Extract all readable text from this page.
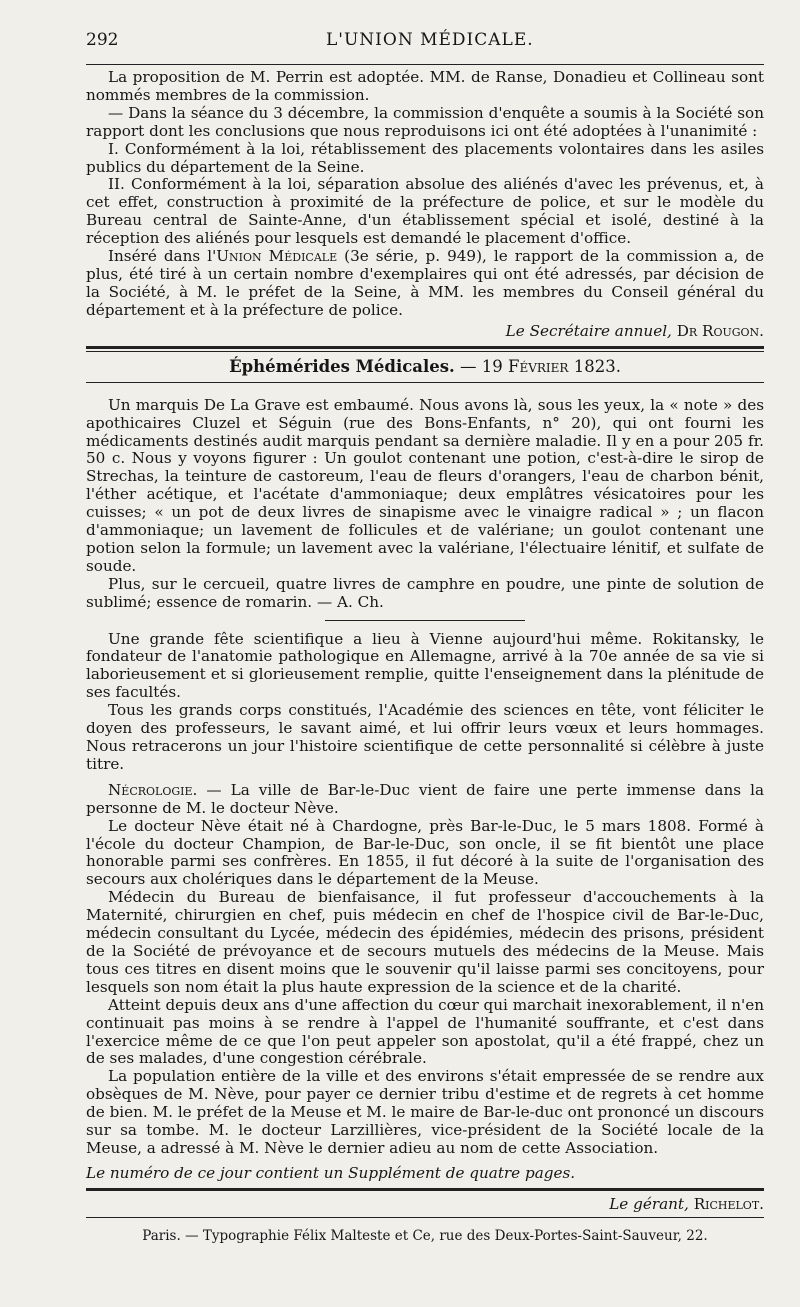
292	L'UNION MÉDICALE.

La proposition de M. Perrin est adoptée. MM. de Ranse, Donadieu et Collineau sont nommés membres de la commission.

— Dans la séance du 3 décembre, la commission d'enquête a soumis à la Société son rapport dont les conclusions que nous reproduisons ici ont été adoptées à l'unanimité :

I. Conformément à la loi, rétablissement des placements volontaires dans les asiles publics du département de la Seine.

II. Conformément à la loi, séparation absolue des aliénés d'avec les prévenus, et, à cet effet, construction à proximité de la préfecture de police, et sur le modèle du Bureau central de Sainte-Anne, d'un établissement spécial et isolé, destiné à la réception des aliénés pour lesquels est demandé le placement d'office.

Inséré dans l'Union Médicale (3e série, p. 949), le rapport de la commission a, de plus, été tiré à un certain nombre d'exemplaires qui ont été adressés, par décision de la Société, à M. le préfet de la Seine, à MM. les membres du Conseil général du département et à la préfecture de police.

Le Secrétaire annuel, Dr Rougon.

Éphémérides Médicales. — 19 Février 1823.

Un marquis De La Grave est embaumé. Nous avons là, sous les yeux, la « note » des apothicaires Cluzel et Séguin (rue des Bons-Enfants, n° 20), qui ont fourni les médicaments destinés audit marquis pendant sa dernière maladie. Il y en a pour 205 fr. 50 c. Nous y voyons figurer : Un goulot contenant une potion, c'est-à-dire le sirop de Strechas, la teinture de castoreum, l'eau de fleurs d'orangers, l'eau de charbon bénit, l'éther acétique, et l'acétate d'ammoniaque; deux emplâtres vésicatoires pour les cuisses; « un pot de deux livres de sinapisme avec le vinaigre radical » ; un flacon d'ammoniaque; un lavement de follicules et de valériane; un goulot contenant une potion selon la formule; un lavement avec la valériane, l'électuaire lénitif, et sulfate de soude.

Plus, sur le cercueil, quatre livres de camphre en poudre, une pinte de solution de sublimé; essence de romarin. — A. Ch.

Une grande fête scientifique a lieu à Vienne aujourd'hui même. Rokitansky, le fondateur de l'anatomie pathologique en Allemagne, arrivé à la 70e année de sa vie si laborieusement et si glorieusement remplie, quitte l'enseignement dans la plénitude de ses facultés.

Tous les grands corps constitués, l'Académie des sciences en tête, vont féliciter le doyen des professeurs, le savant aimé, et lui offrir leurs vœux et leurs hommages. Nous retracerons un jour l'histoire scientifique de cette personnalité si célèbre à juste titre.

Nécrologie. — La ville de Bar-le-Duc vient de faire une perte immense dans la personne de M. le docteur Nève.

Le docteur Nève était né à Chardogne, près Bar-le-Duc, le 5 mars 1808. Formé à l'école du docteur Champion, de Bar-le-Duc, son oncle, il se fit bientôt une place honorable parmi ses confrères. En 1855, il fut décoré à la suite de l'organisation des secours aux cholériques dans le département de la Meuse.

Médecin du Bureau de bienfaisance, il fut professeur d'accouchements à la Maternité, chirurgien en chef, puis médecin en chef de l'hospice civil de Bar-le-Duc, médecin consultant du Lycée, médecin des épidémies, médecin des prisons, président de la Société de prévoyance et de secours mutuels des médecins de la Meuse. Mais tous ces titres en disent moins que le souvenir qu'il laisse parmi ses concitoyens, pour lesquels son nom était la plus haute expression de la science et de la charité.

Atteint depuis deux ans d'une affection du cœur qui marchait inexorablement, il n'en continuait pas moins à se rendre à l'appel de l'humanité souffrante, et c'est dans l'exercice même de ce que l'on peut appeler son apostolat, qu'il a été frappé, chez un de ses malades, d'une congestion cérébrale.

La population entière de la ville et des environs s'était empressée de se rendre aux obsèques de M. Nève, pour payer ce dernier tribu d'estime et de regrets à cet homme de bien. M. le préfet de la Meuse et M. le maire de Bar-le-duc ont prononcé un discours sur sa tombe. M. le docteur Larzillières, vice-président de la Société locale de la Meuse, a adressé à M. Nève le dernier adieu au nom de cette Association.

Le numéro de ce jour contient un Supplément de quatre pages.

Le gérant, Richelot.

Paris. — Typographie Félix Malteste et Ce, rue des Deux-Portes-Saint-Sauveur, 22.
